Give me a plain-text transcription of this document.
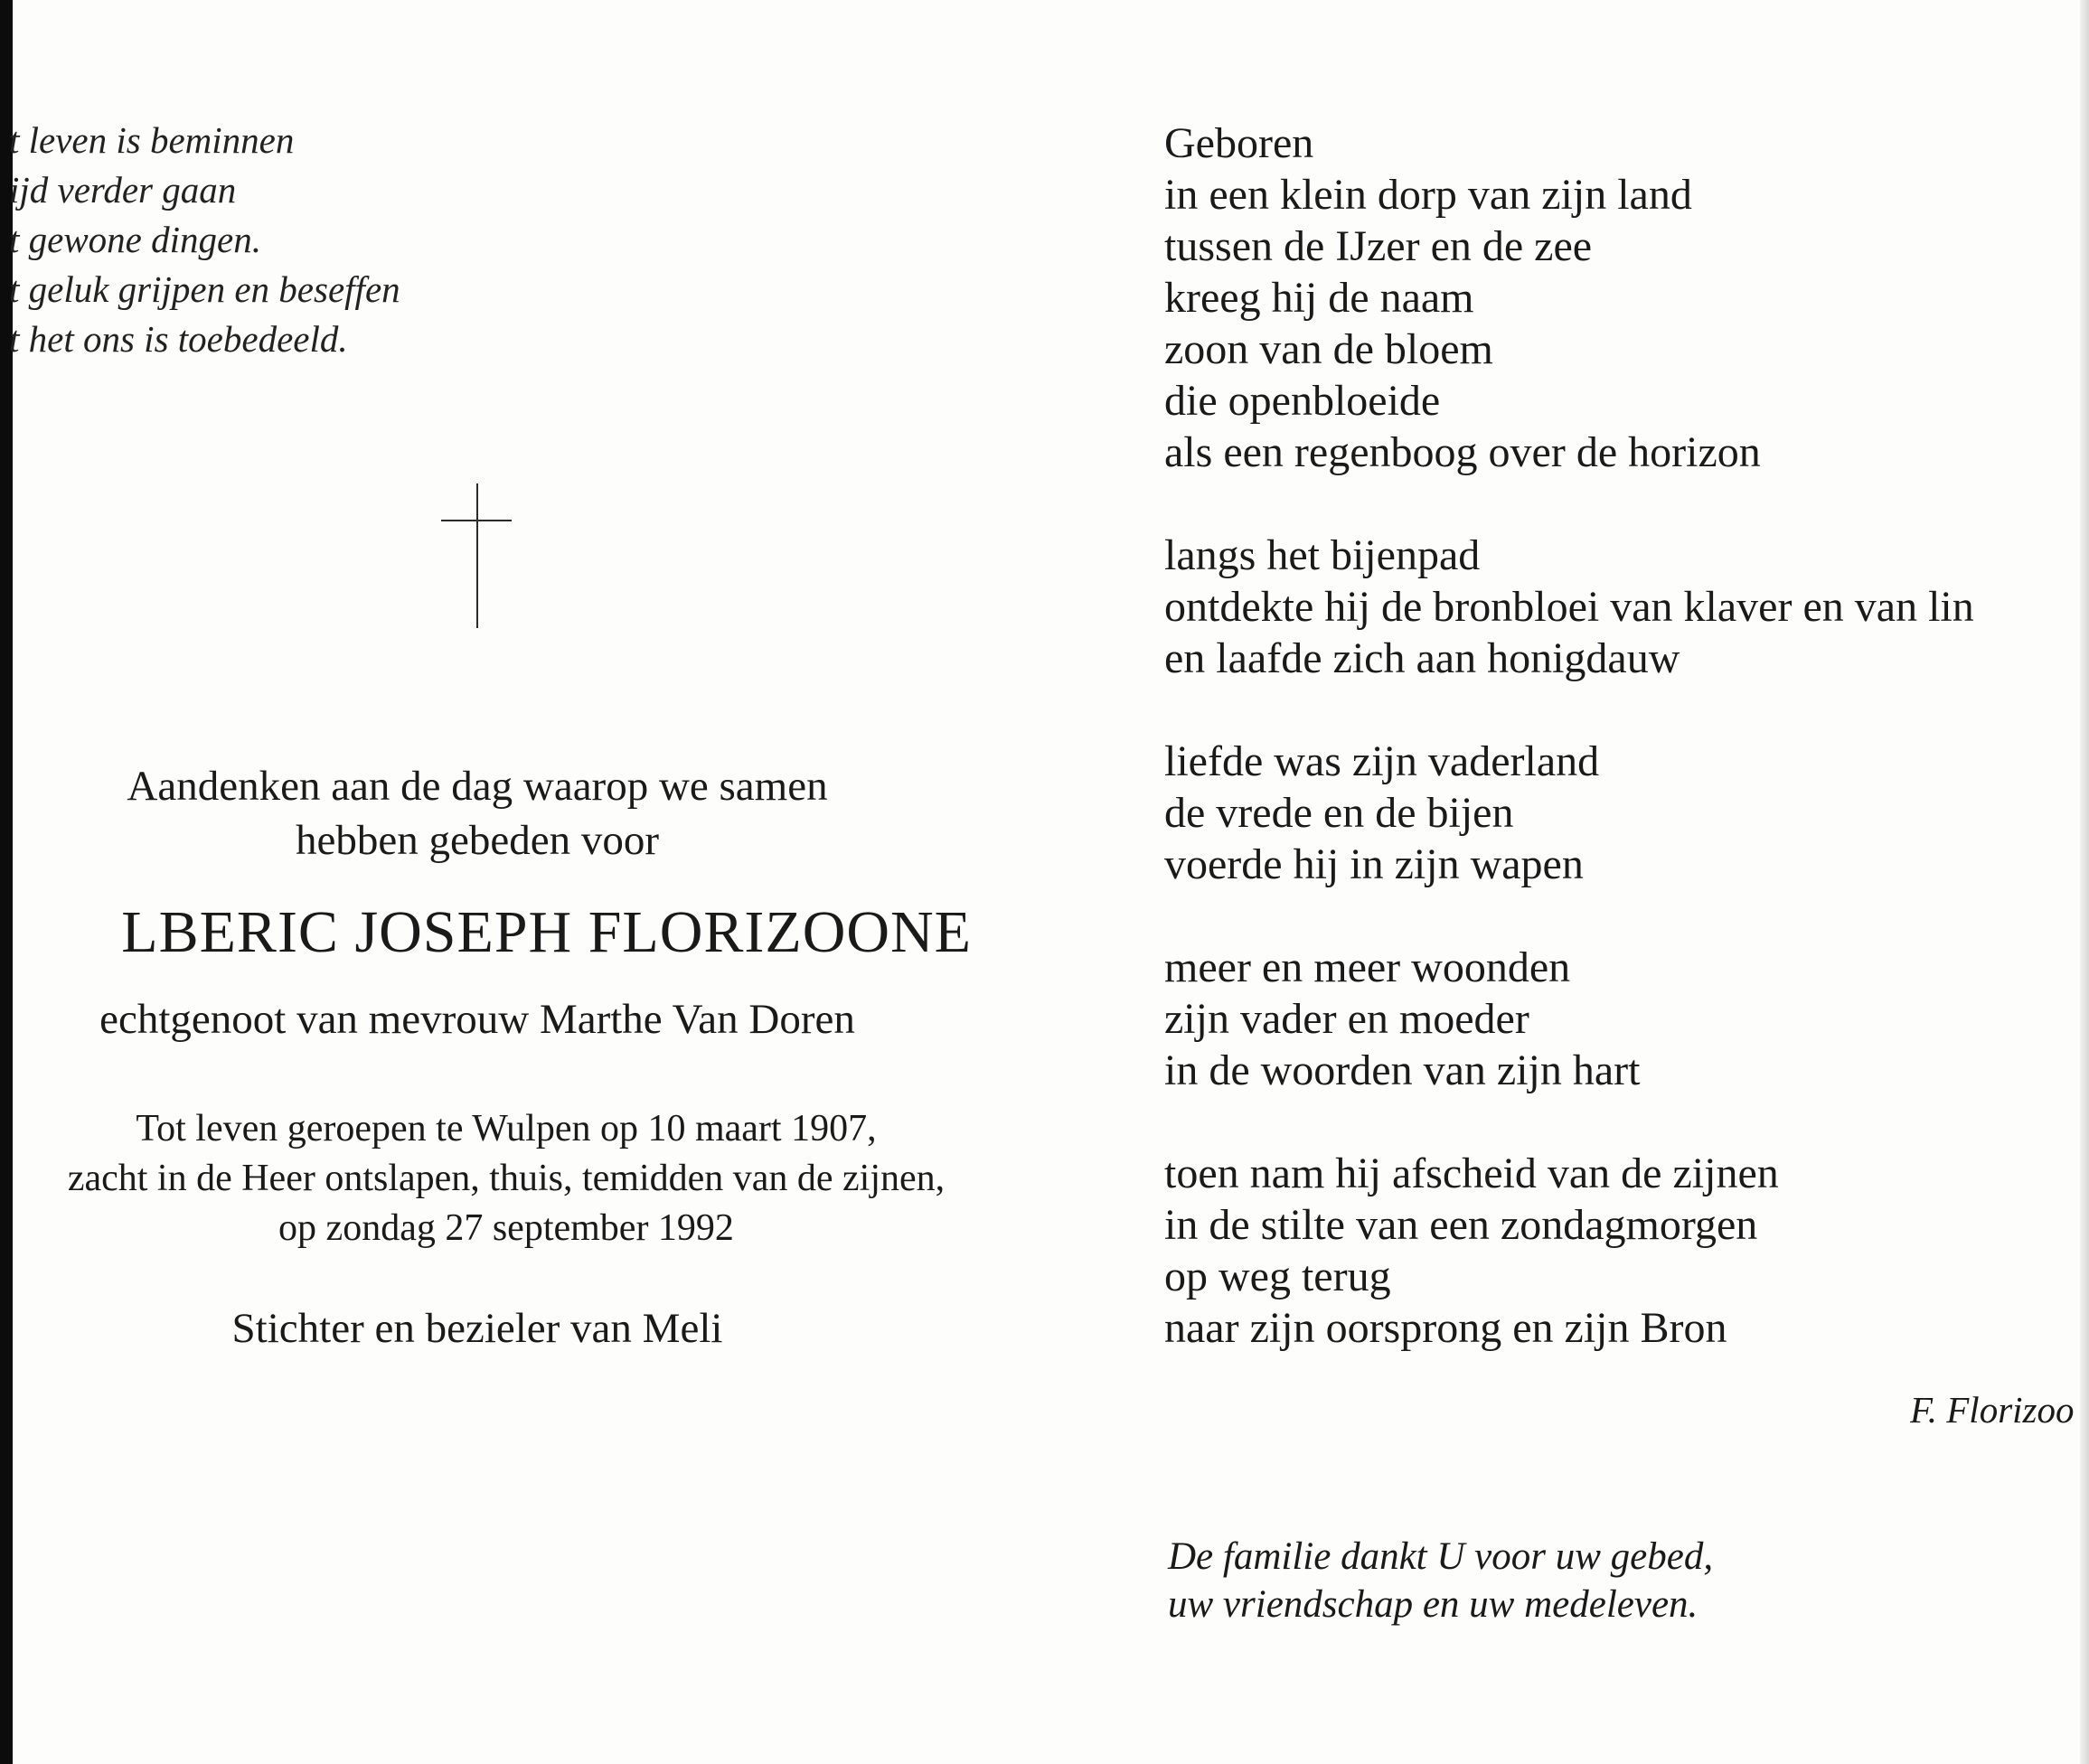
t leven is beminnen
ijd verder gaan
t gewone dingen.
t geluk grijpen en beseffen
t het ons is toebedeeld.
Aandenken aan de dag waarop we samen
hebben gebeden voor
LBERIC JOSEPH FLORIZOONE
echtgenoot van mevrouw Marthe Van Doren
Tot leven geroepen te Wulpen op 10 maart 1907,
zacht in de Heer ontslapen, thuis, temidden van de zijnen,
op zondag 27 september 1992
Stichter en bezieler van Meli
Geboren
in een klein dorp van zijn land
tussen de IJzer en de zee
kreeg hij de naam
zoon van de bloem
die openbloeide
als een regenboog over de horizon
langs het bijenpad
ontdekte hij de bronbloei van klaver en van lin
en laafde zich aan honigdauw
liefde was zijn vaderland
de vrede en de bijen
voerde hij in zijn wapen
meer en meer woonden
zijn vader en moeder
in de woorden van zijn hart
toen nam hij afscheid van de zijnen
in de stilte van een zondagmorgen
op weg terug
naar zijn oorsprong en zijn Bron
F. Florizoo
De familie dankt U voor uw gebed,
uw vriendschap en uw medeleven.
